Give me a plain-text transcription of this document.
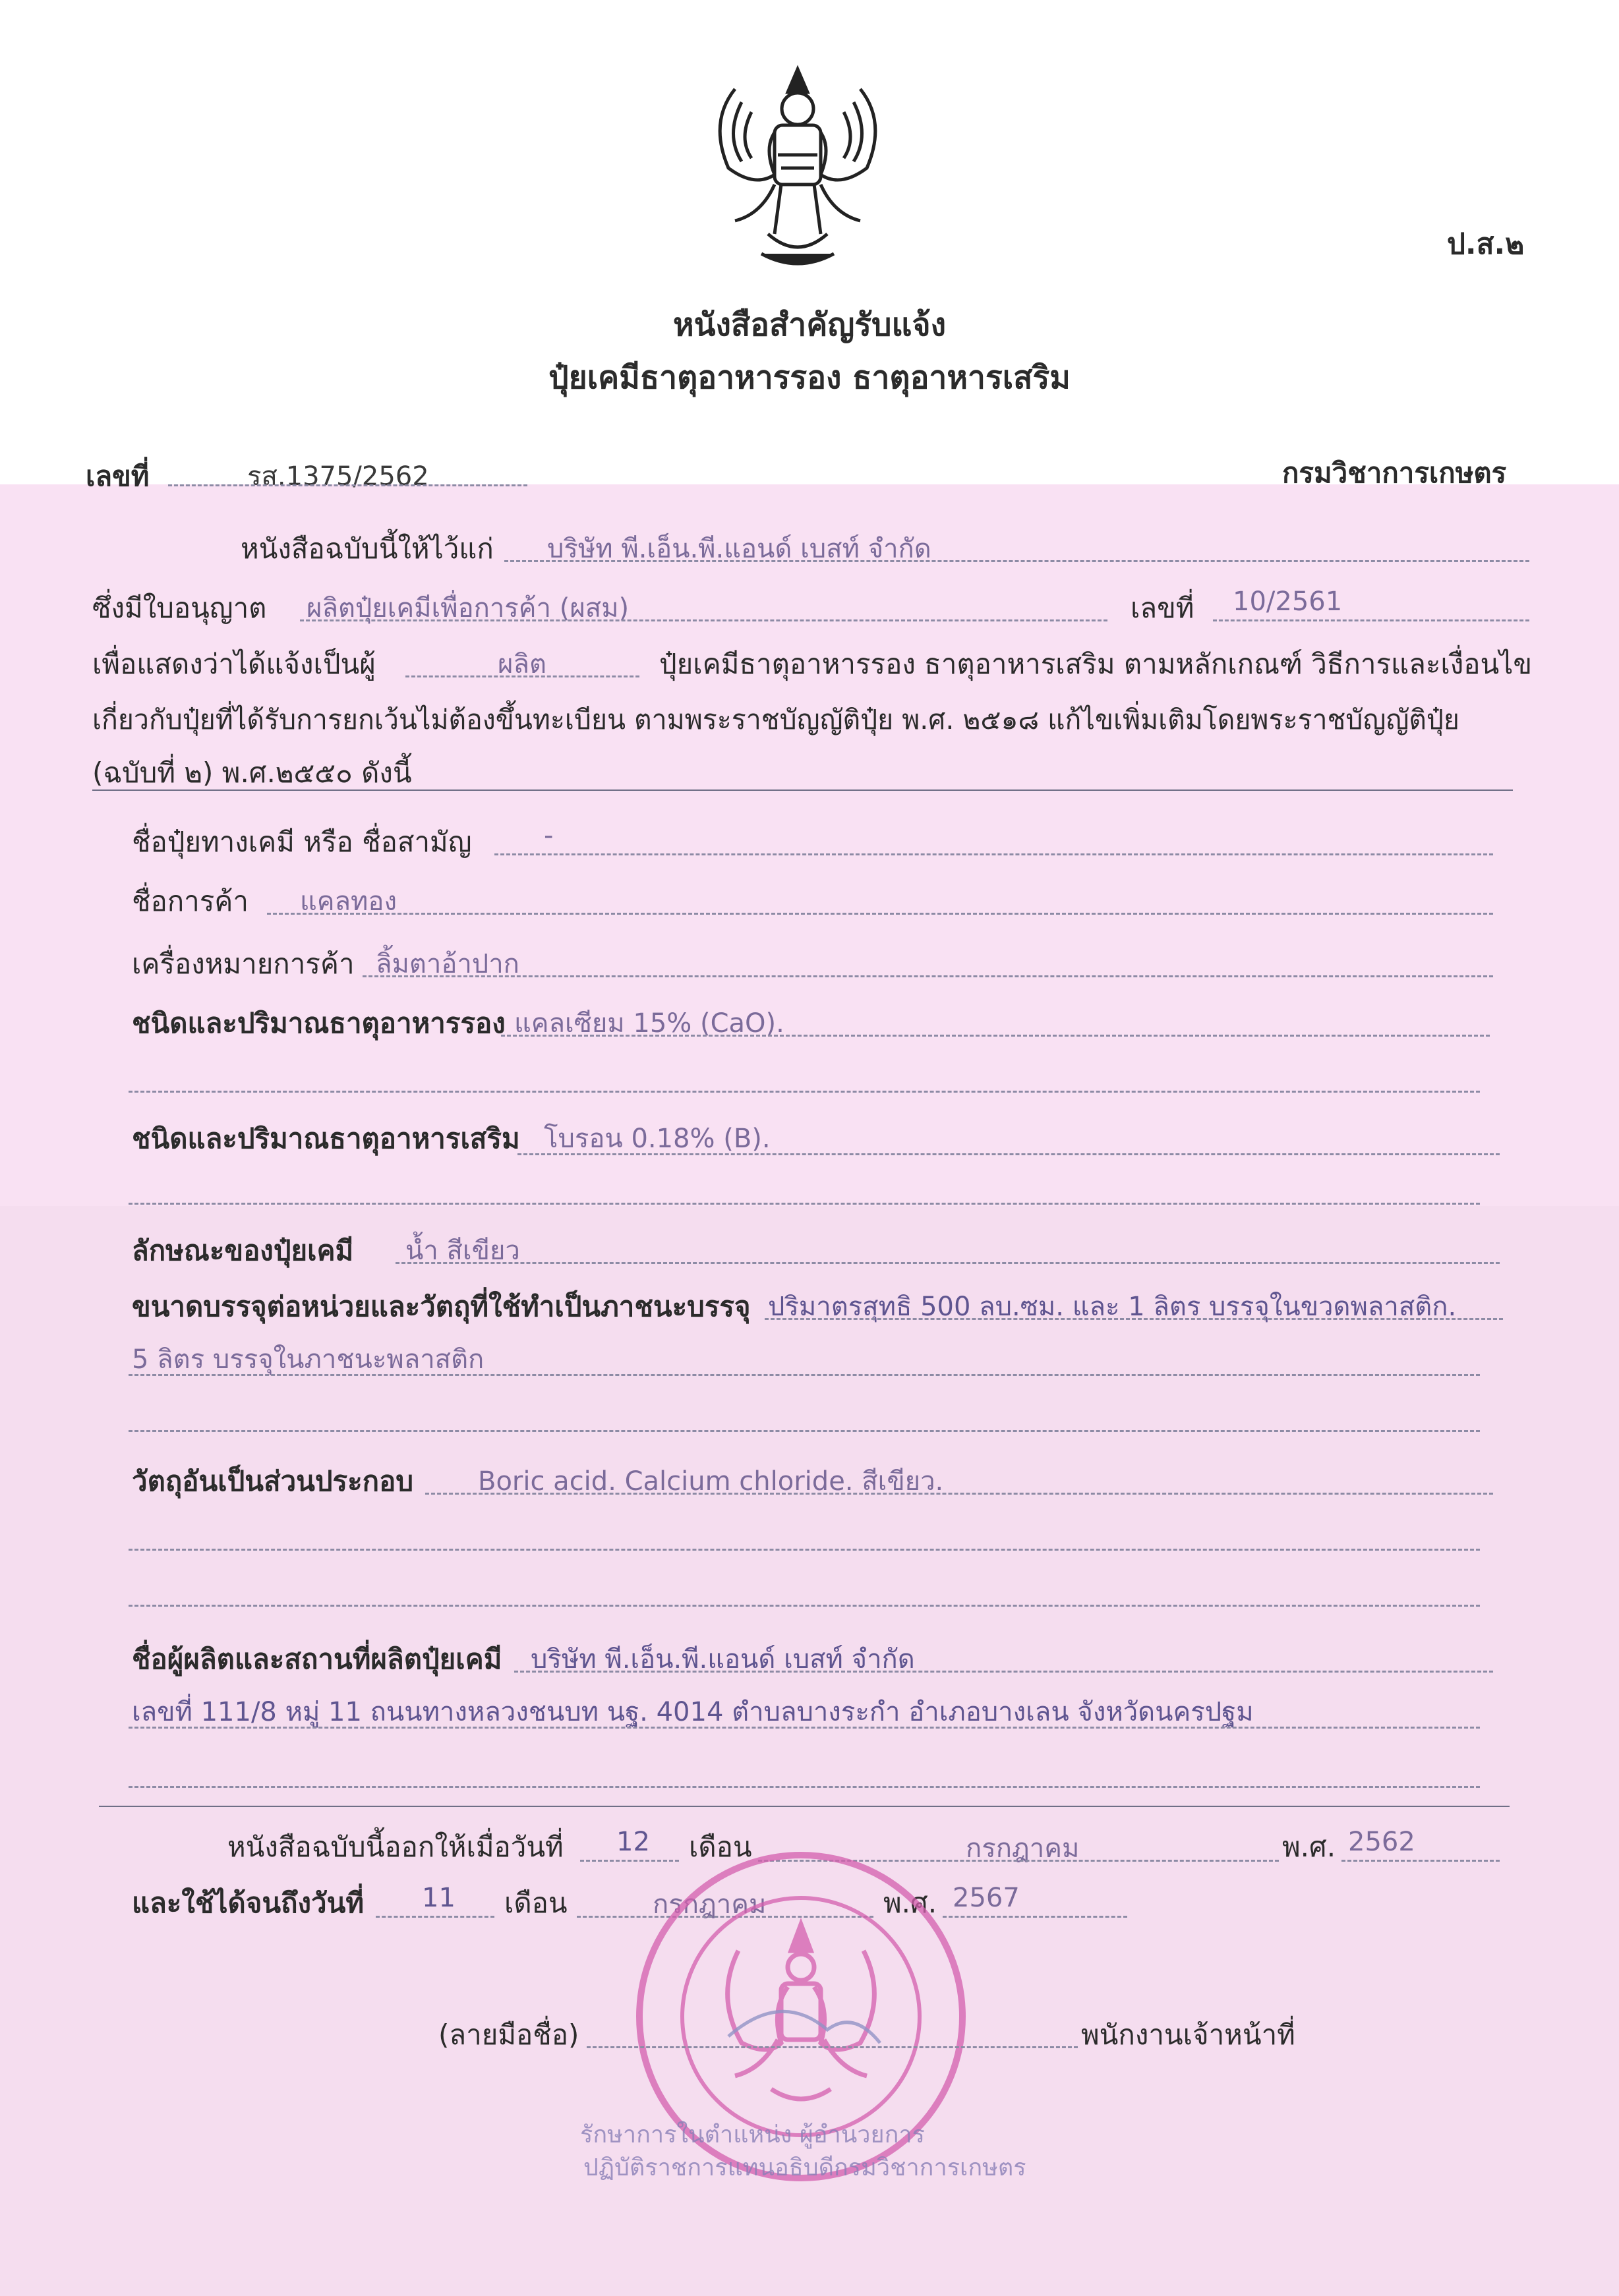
ป.ส.๒
หนังสือสำคัญรับแจ้ง
ปุ๋ยเคมีธาตุอาหารรอง ธาตุอาหารเสริม
เลขที่	รส.1375/2562	กรมวิชาการเกษตร
หนังสือฉบับนี้ให้ไว้แก่ บริษัท พี.เอ็น.พี.แอนด์ เบสท์ จำกัด
ซึ่งมีใบอนุญาต ผลิตปุ๋ยเคมีเพื่อการค้า (ผสม)	เลขที่ 10/2561
เพื่อแสดงว่าได้แจ้งเป็นผู้	ผลิต	ปุ๋ยเคมีธาตุอาหารรอง ธาตุอาหารเสริม ตามหลักเกณฑ์ วิธีการและเงื่อนไข
เกี่ยวกับปุ๋ยที่ได้รับการยกเว้นไม่ต้องขึ้นทะเบียน ตามพระราชบัญญัติปุ๋ย พ.ศ. ๒๕๑๘ แก้ไขเพิ่มเติมโดยพระราชบัญญัติปุ๋ย
(ฉบับที่ ๒) พ.ศ.๒๕๕๐ ดังนี้
ชื่อปุ๋ยทางเคมี หรือ ชื่อสามัญ	-
ชื่อการค้า แคลทอง
เครื่องหมายการค้า ลิ้มตาอ้าปาก
ชนิดและปริมาณธาตุอาหารรอง แคลเซียม 15% (CaO).
ชนิดและปริมาณธาตุอาหารเสริม โบรอน 0.18% (B).
ลักษณะของปุ๋ยเคมี น้ำ สีเขียว
ขนาดบรรจุต่อหน่วยและวัตถุที่ใช้ทำเป็นภาชนะบรรจุ ปริมาตรสุทธิ 500 ลบ.ซม. และ 1 ลิตร บรรจุในขวดพลาสติก.
5 ลิตร บรรจุในภาชนะพลาสติก
วัตถุอันเป็นส่วนประกอบ Boric acid. Calcium chloride. สีเขียว.
ชื่อผู้ผลิตและสถานที่ผลิตปุ๋ยเคมี บริษัท พี.เอ็น.พี.แอนด์ เบสท์ จำกัด
เลขที่ 111/8 หมู่ 11 ถนนทางหลวงชนบท นฐ. 4014 ตำบลบางระกำ อำเภอบางเลน จังหวัดนครปฐม
หนังสือฉบับนี้ออกให้เมื่อวันที่ 12 เดือน	กรกฎาคม	พ.ศ. 2562
และใช้ได้จนถึงวันที่ 11 เดือน	กรกฎาคม	พ.ศ. 2567
(ลายมือชื่อ)	พนักงานเจ้าหน้าที่
รักษาการในตำแหน่ง ผู้อำนวยการ
ปฏิบัติราชการแทนอธิบดีกรมวิชาการเกษตร
